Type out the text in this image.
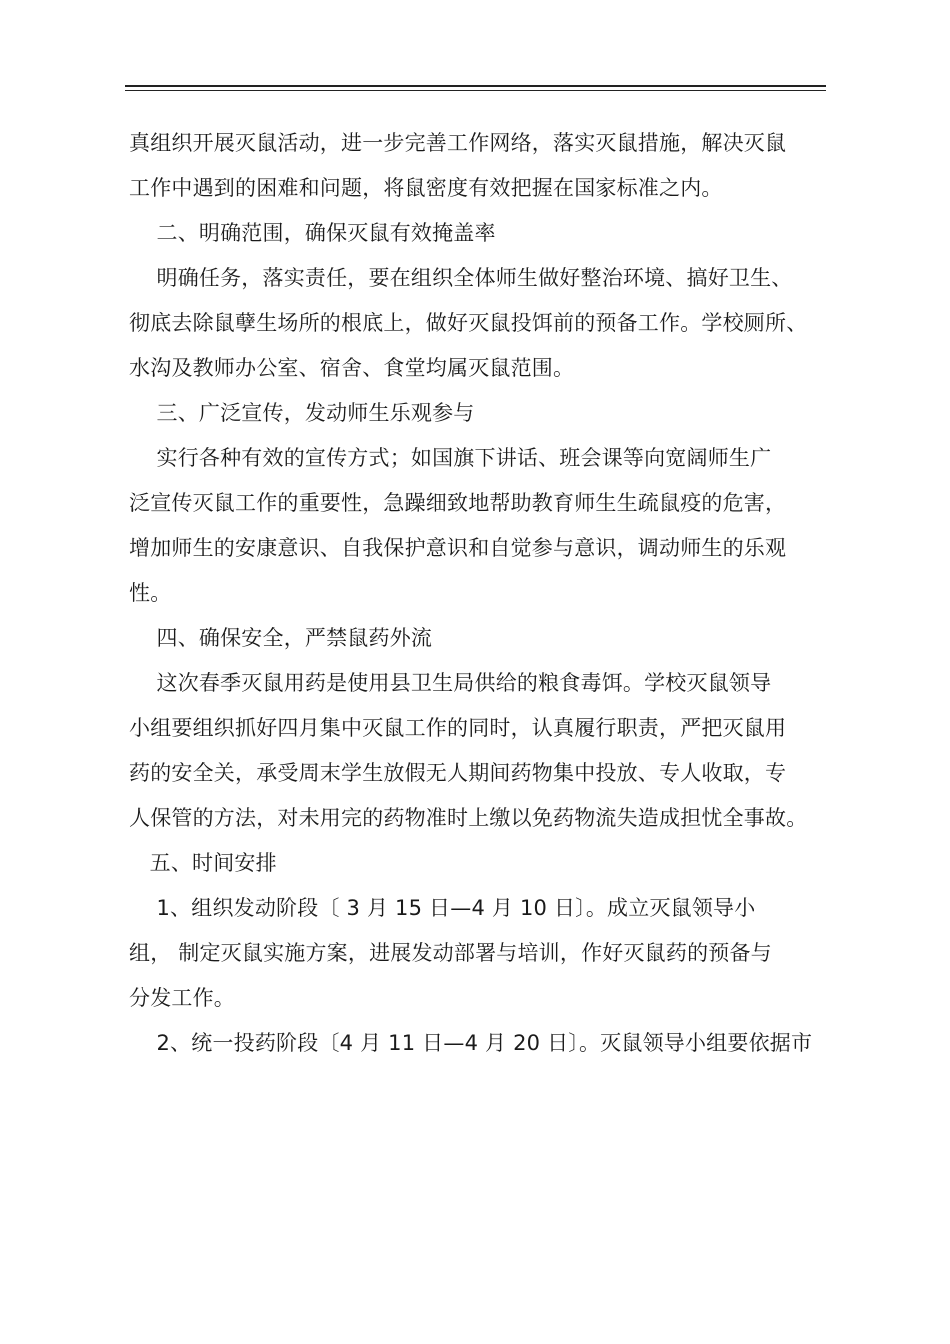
真组织开展灭鼠活动，进一步完善工作网络，落实灭鼠措施，解决灭鼠

工作中遇到的困难和问题，将鼠密度有效把握在国家标准之内。

二、明确范围，确保灭鼠有效掩盖率

明确任务，落实责任，要在组织全体师生做好整治环境、搞好卫生、

彻底去除鼠孽生场所的根底上，做好灭鼠投饵前的预备工作。学校厕所、

水沟及教师办公室、宿舍、食堂均属灭鼠范围。

三、广泛宣传，发动师生乐观参与

实行各种有效的宣传方式；如国旗下讲话、班会课等向宽阔师生广

泛宣传灭鼠工作的重要性，急躁细致地帮助教育师生生疏鼠疫的危害，

增加师生的安康意识、自我保护意识和自觉参与意识，调动师生的乐观

性。

四、确保安全，严禁鼠药外流

这次春季灭鼠用药是使用县卫生局供给的粮食毒饵。学校灭鼠领导

小组要组织抓好四月集中灭鼠工作的同时，认真履行职责，严把灭鼠用

药的安全关，承受周末学生放假无人期间药物集中投放、专人收取，专

人保管的方法，对未用完的药物准时上缴以免药物流失造成担忧全事故。

五、时间安排

1、组织发动阶段〔 3 月 15 日—4 月 10 日〕。成立灭鼠领导小

组， 制定灭鼠实施方案，进展发动部署与培训，作好灭鼠药的预备与

分发工作。

2、统一投药阶段〔4 月 11 日—4 月 20 日〕。灭鼠领导小组要依据市
